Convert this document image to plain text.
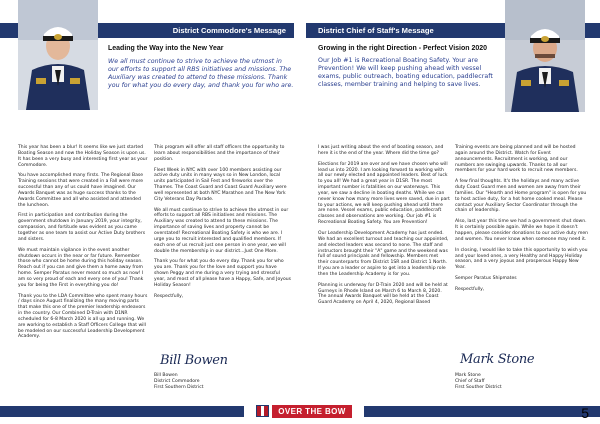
District Commodore's Message
Leading the Way into the New Year
We all must continue to strive to achieve the utmost in our efforts to support all RBS initiatives and missions. The Auxiliary was created to attend to these missions. Thank you for what you do every day, and thank you for who are.

This year has been a blur! It seems like we just started Boating Season and now the Holiday Season is upon us. It has been a very busy and interesting first year as your Commodore.

You have accomplished many firsts. The Regional Base Training sessions that were created in a Fall were more successful than any of us could have imagined. Our Awards Banquet was as huge success thanks to the Awards Committee and all who assisted and attended the luncheon.

First in participation and contribution during the government shutdown in January 2019, your integrity, compassion, and fortitude was evident as you came together as one team to assist our Active Duty brothers and sisters.

We must maintain vigilance in the event another shutdown occurs in the near or far future. Remember those who cannot be home during this holiday season. Reach out if you can and give them a home away from home. Semper Paratus never meant so much as now! I am so very proud of each and every one of you! Thank you for being the First in everything you do!

Thank you to the LDA Committee who spent many hours / days since August finalizing the many moving parts that make this one of the premier leadership endeavors in the country. Our Combined D-Train with D1NR scheduled for 6-8 March 2020 is all up and running. We are working to establish a Staff Officers College that will be modeled on our successful Leadership Development Academy.

This program will offer all staff officers the opportunity to learn about responsibilities and the importance of their position.

Fleet Week in NYC with over 100 members assisting our active duty units in many ways so in New London, local units participated in Sail Fest and fireworks over the Thames. The Coast Guard and Coast Guard Auxiliary were well represented at both NYC Marathon and The New York City Veterans Day Parade.

We all must continue to strive to achieve the utmost in our efforts to support all RBS initiatives and missions. The Auxiliary was created to attend to these missions. The importance of saving lives and property cannot be overstated! Recreational Boating Safety is who we are. I urge you to recruit interested and qualified members. If each one of us recruit just one person in one year, we will double the membership in our district...Just One More.

Thank you for what you do every day. Thank you for who you are. Thank you for the love and support you have shown Peggy and me during a very trying and stressful year, and most of all please have a Happy, Safe, and Joyous Holiday Season!

Respectfully,

Bill Bowen
Bill Bowen
District Commodore
First Southern District
District Chief of Staff's Message
Growing in the right Direction - Perfect Vision 2020
Our Job #1 is Recreational Boating Safety. Your are Prevention! We will keep pushing ahead with vessel exams, public outreach, boating education, paddlecraft classes, member training and helping to save lives.

I was just writing about the end of boating season, and here it is the end of the year. Where did the time go?

Elections for 2019 are over and we have chosen who will lead us into 2020. I am looking forward to working with all our newly elected and appointed leaders. Best of luck to you all! We had a great year in D1SR. The most important number is fatalities on our waterways. This year, we saw a decline in boating deaths. While we can never know how many more lives were saved, due in part to your actions, we will keep pushing ahead until there are none. Vessel exams, public education, paddlecraft classes and observations are working. Our job #1 is Recreational Boating Safety. You are Prevention!

Our Leadership Development Academy has just ended. We had an excellent turnout and teaching our appointed, and elected leaders was second to none. The staff and instructors brought their "A" game and the weekend was full of sound principals and fellowship. Members met their counterparts from District 1SR and District 1 North. If you are a leader or aspire to get into a leadership role then the Leadership Academy is for you.

Planning is underway for D-Train 2020 and will be held at Gurneys in Rhode Island on March 6 to March 8, 2020. The annual Awards Banquet will be held at the Coast Guard Academy on April 4, 2020, Regional Based

Training events are being planned and will be hosted again around the District. Watch for Event announcements. Recruitment is working, and our numbers are swinging upwards. Thanks to all our members for your hard work to recruit new members.

A few final thoughts. It's the holidays and many active duty Coast Guard men and women are away from their families. Our "Hearth and Home program" is open for you to host active duty, for a hot home cooked meal. Please contact your Auxiliary Sector Coordinator through the chain of leadership.

Also, last year this time we had a government shut down. It is certainly possible again. While we hope it doesn't happen, please consider donations to our active duty men and women. You never know when someone may need it.

In closing, I would like to take this opportunity to wish you and your loved ones, a very Healthy and Happy Holiday season, and a very joyous and prosperous Happy New Year.

Semper Paratus Shipmates

Respectfully,

Mark Stone
Mark Stone
Chief of Staff
First Souther District
OVER THE BOW	5
